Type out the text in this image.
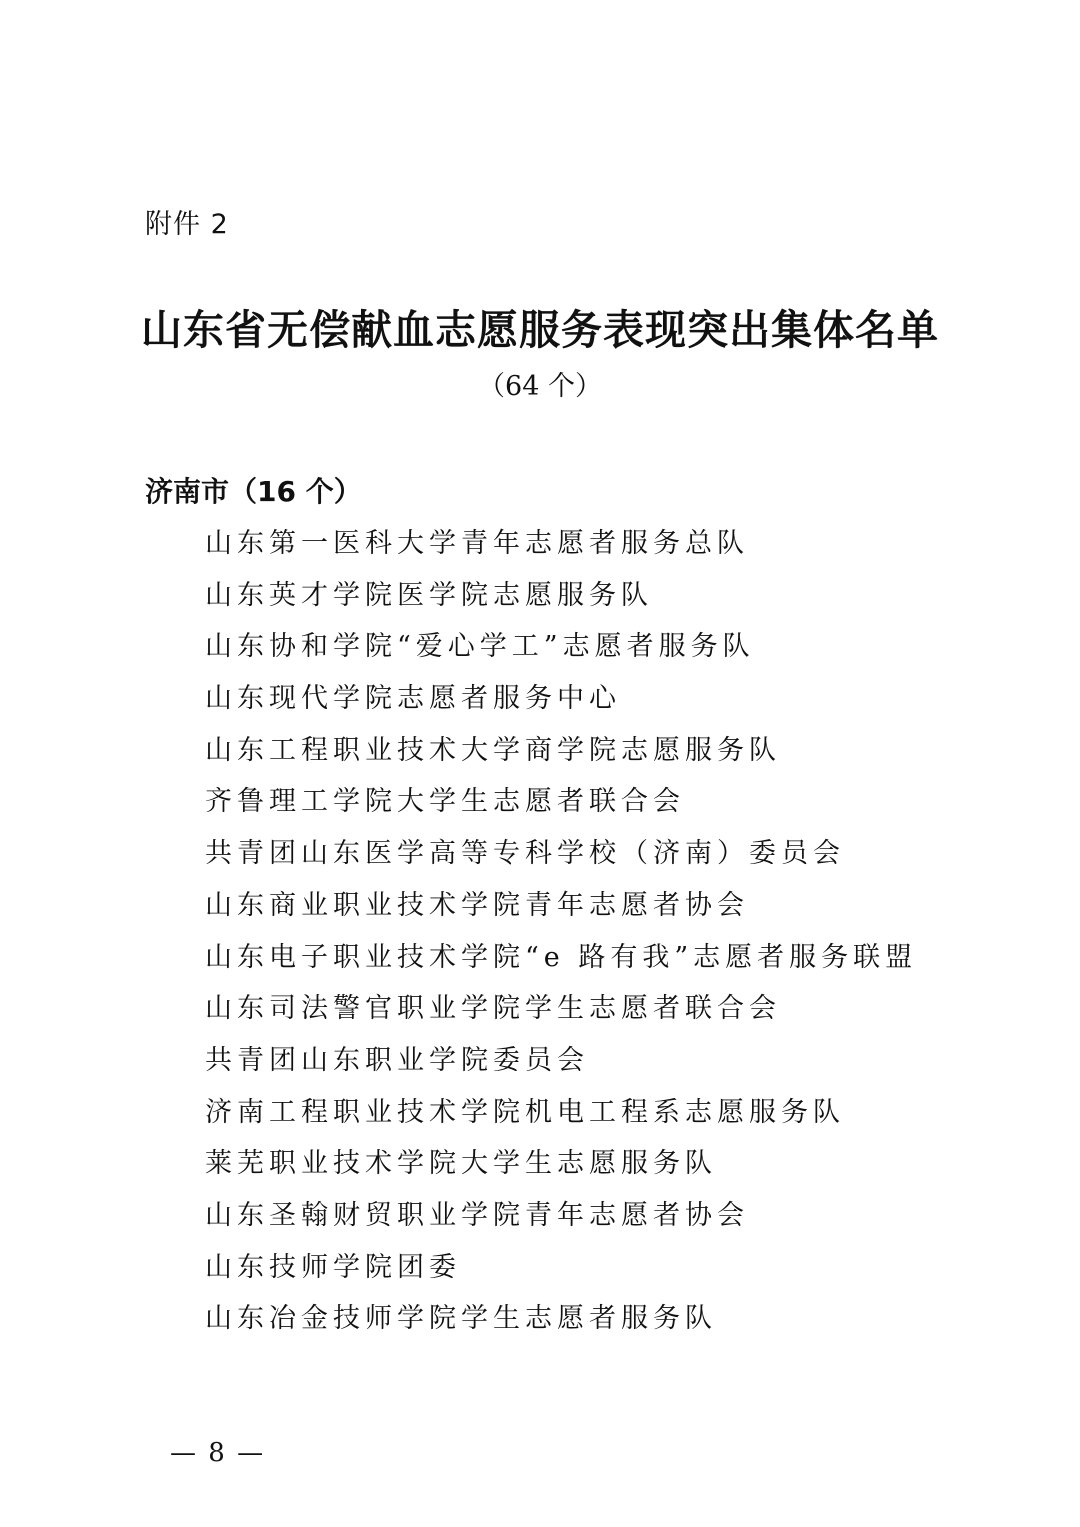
附件 2
山东省无偿献血志愿服务表现突出集体名单
（64 个）
济南市（16 个）
山东第一医科大学青年志愿者服务总队
山东英才学院医学院志愿服务队
山东协和学院“爱心学工”志愿者服务队
山东现代学院志愿者服务中心
山东工程职业技术大学商学院志愿服务队
齐鲁理工学院大学生志愿者联合会
共青团山东医学高等专科学校（济南）委员会
山东商业职业技术学院青年志愿者协会
山东电子职业技术学院“e 路有我”志愿者服务联盟
山东司法警官职业学院学生志愿者联合会
共青团山东职业学院委员会
济南工程职业技术学院机电工程系志愿服务队
莱芜职业技术学院大学生志愿服务队
山东圣翰财贸职业学院青年志愿者协会
山东技师学院团委
山东冶金技师学院学生志愿者服务队
— 8 —
